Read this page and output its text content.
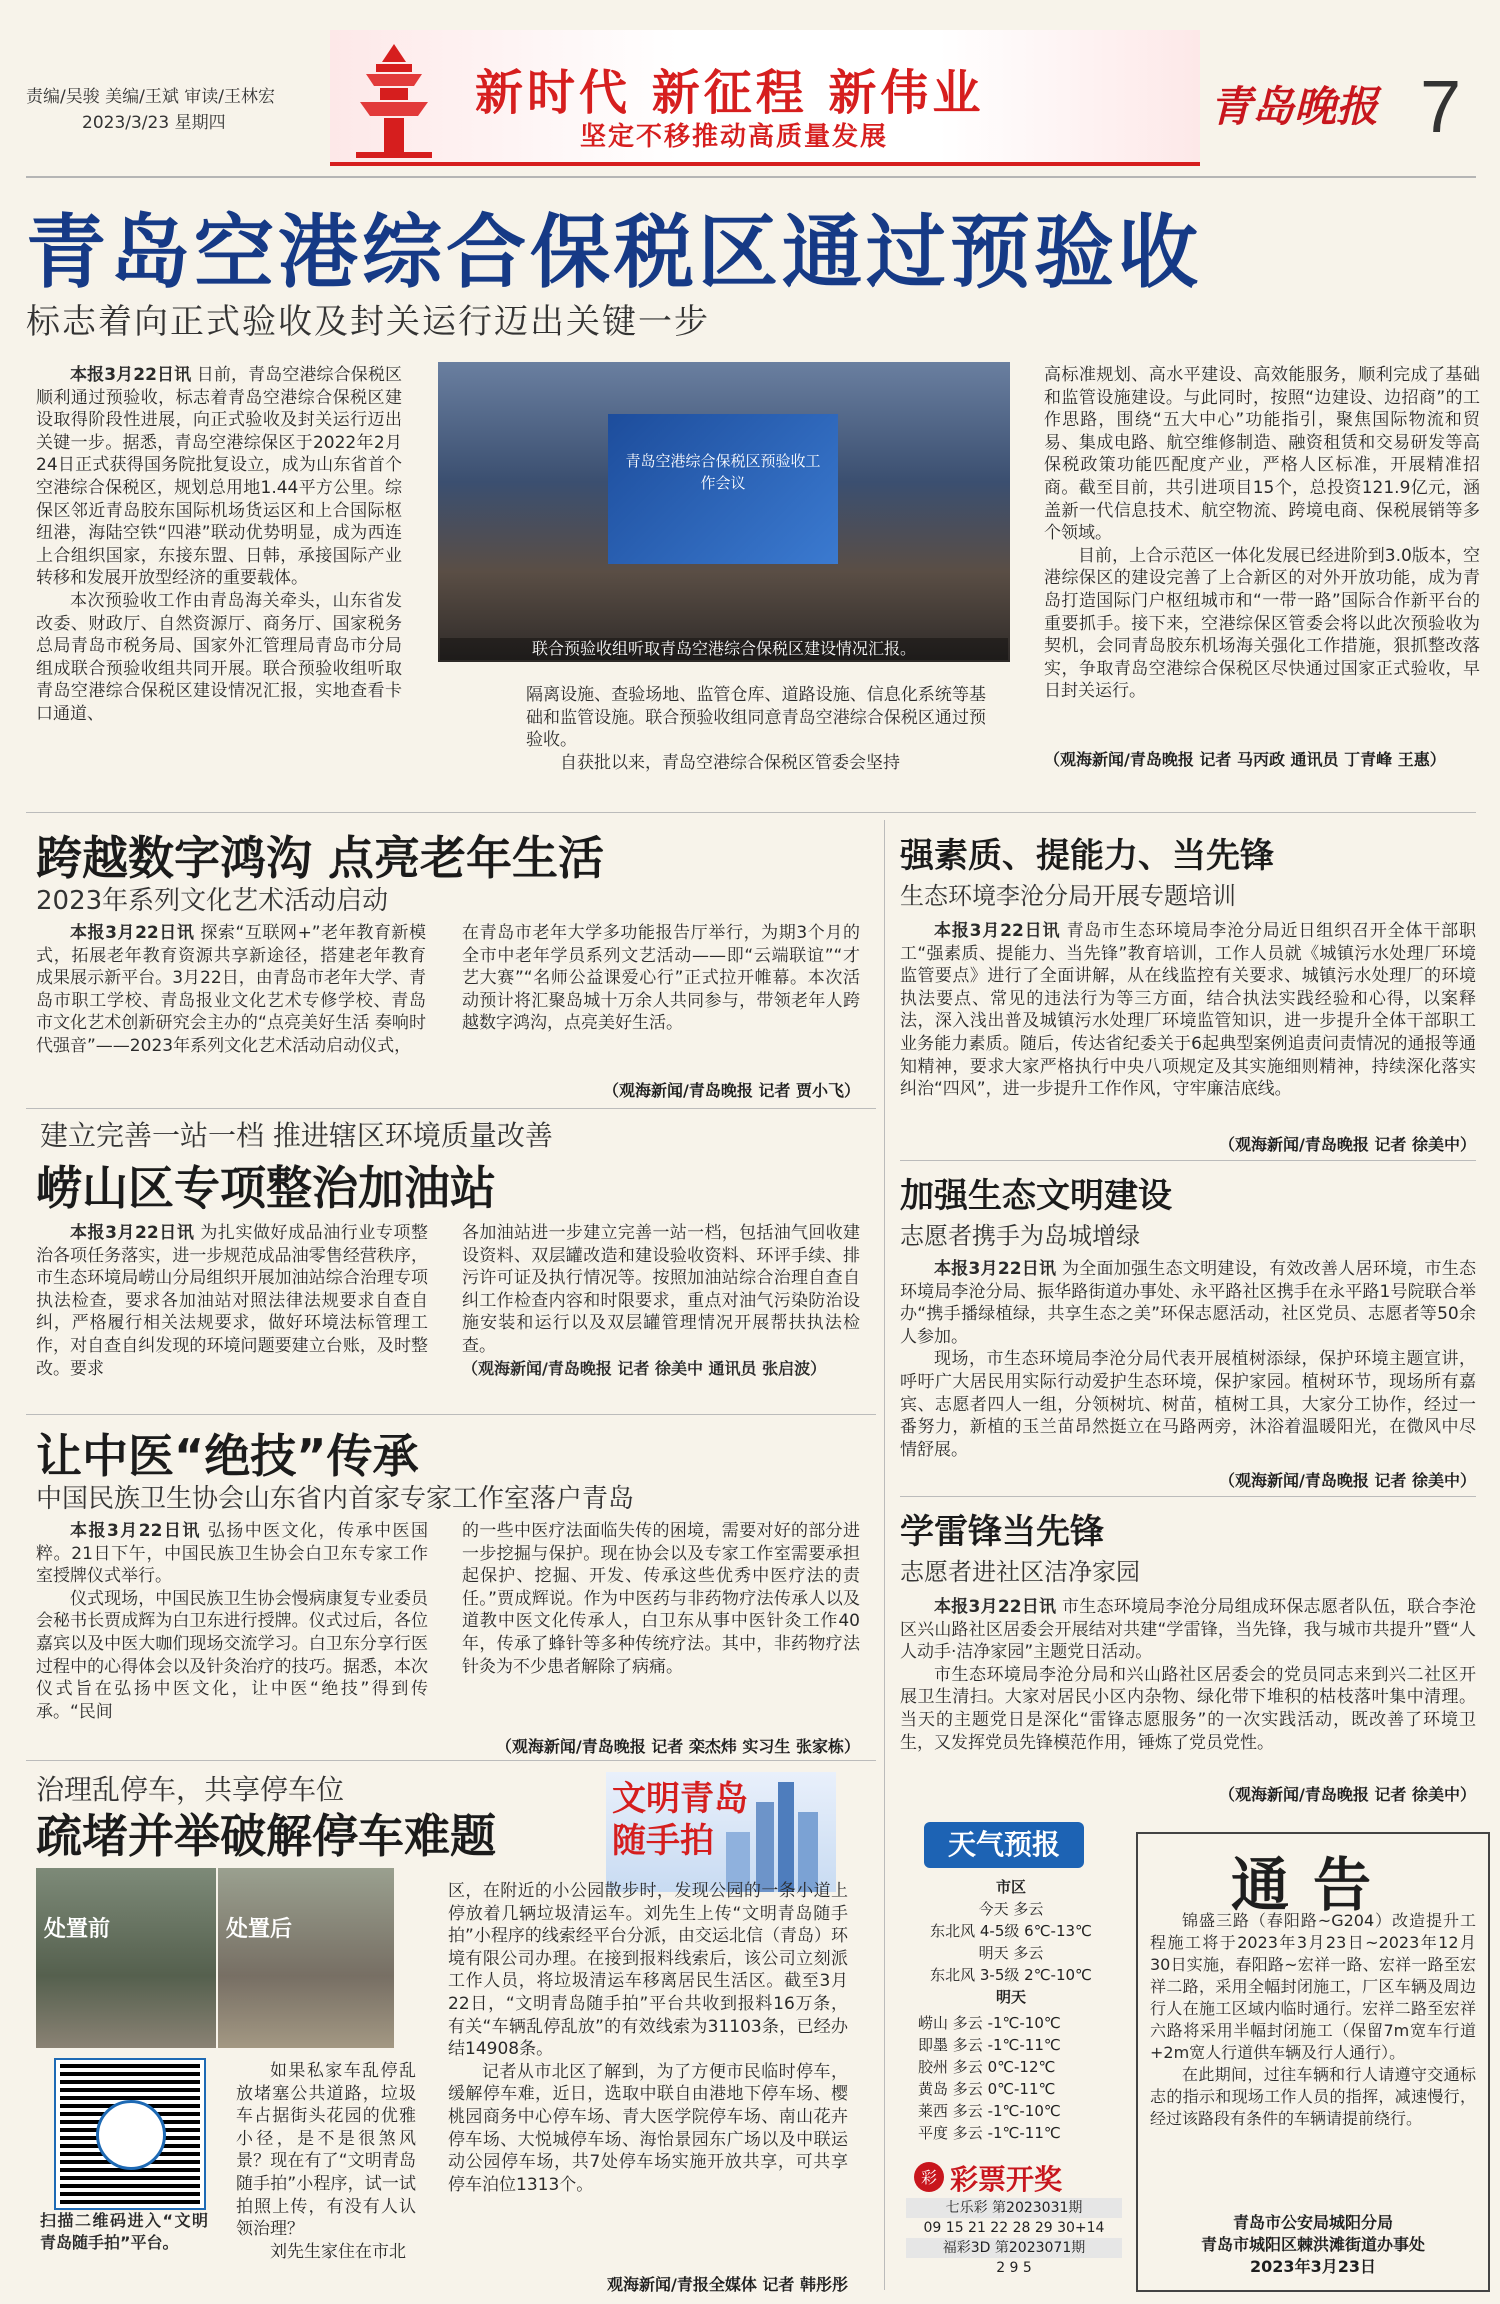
责编/吴骏 美编/王斌 审读/王林宏
2023/3/23 星期四
新时代 新征程 新伟业
坚定不移推动高质量发展
青岛晚报 7
青岛空港综合保税区通过预验收
标志着向正式验收及封关运行迈出关键一步

本报3月22日讯 日前，青岛空港综合保税区顺利通过预验收，标志着青岛空港综合保税区建设取得阶段性进展，向正式验收及封关运行迈出关键一步。据悉，青岛空港综保区于2022年2月24日正式获得国务院批复设立，成为山东省首个空港综合保税区，规划总用地1.44平方公里。综保区邻近青岛胶东国际机场货运区和上合国际枢纽港，海陆空铁“四港”联动优势明显，成为西连上合组织国家，东接东盟、日韩，承接国际产业转移和发展开放型经济的重要载体。

本次预验收工作由青岛海关牵头，山东省发改委、财政厅、自然资源厅、商务厅、国家税务总局青岛市税务局、国家外汇管理局青岛市分局组成联合预验收组共同开展。联合预验收组听取青岛空港综合保税区建设情况汇报，实地查看卡口通道、

青岛空港综合保税区预验收工作会议
联合预验收组听取青岛空港综合保税区建设情况汇报。

隔离设施、查验场地、监管仓库、道路设施、信息化系统等基础和监管设施。联合预验收组同意青岛空港综合保税区通过预验收。

自获批以来，青岛空港综合保税区管委会坚持

高标准规划、高水平建设、高效能服务，顺利完成了基础和监管设施建设。与此同时，按照“边建设、边招商”的工作思路，围绕“五大中心”功能指引，聚焦国际物流和贸易、集成电路、航空维修制造、融资租赁和交易研发等高保税政策功能匹配度产业，严格人区标准，开展精准招商。截至目前，共引进项目15个，总投资121.9亿元，涵盖新一代信息技术、航空物流、跨境电商、保税展销等多个领域。

目前，上合示范区一体化发展已经进阶到3.0版本，空港综保区的建设完善了上合新区的对外开放功能，成为青岛打造国际门户枢纽城市和“一带一路”国际合作新平台的重要抓手。接下来，空港综保区管委会将以此次预验收为契机，会同青岛胶东机场海关强化工作措施，狠抓整改落实，争取青岛空港综合保税区尽快通过国家正式验收，早日封关运行。

（观海新闻/青岛晚报 记者 马丙政 通讯员 丁青峰 王惠）
跨越数字鸿沟 点亮老年生活
2023年系列文化艺术活动启动

本报3月22日讯 探索“互联网+”老年教育新模式，拓展老年教育资源共享新途径，搭建老年教育成果展示新平台。3月22日，由青岛市老年大学、青岛市职工学校、青岛报业文化艺术专修学校、青岛市文化艺术创新研究会主办的“点亮美好生活 奏响时代强音”——2023年系列文化艺术活动启动仪式，

在青岛市老年大学多功能报告厅举行，为期3个月的全市中老年学员系列文艺活动——即“云端联谊”“才艺大赛”“名师公益课爱心行”正式拉开帷幕。本次活动预计将汇聚岛城十万余人共同参与，带领老年人跨越数字鸿沟，点亮美好生活。

（观海新闻/青岛晚报 记者 贾小飞）
建立完善一站一档 推进辖区环境质量改善
崂山区专项整治加油站

本报3月22日讯 为扎实做好成品油行业专项整治各项任务落实，进一步规范成品油零售经营秩序，市生态环境局崂山分局组织开展加油站综合治理专项执法检查，要求各加油站对照法律法规要求自查自纠，严格履行相关法规要求，做好环境法标管理工作，对自查自纠发现的环境问题要建立台账，及时整改。要求

各加油站进一步建立完善一站一档，包括油气回收建设资料、双层罐改造和建设验收资料、环评手续、排污许可证及执行情况等。按照加油站综合治理自查自纠工作检查内容和时限要求，重点对油气污染防治设施安装和运行以及双层罐管理情况开展帮扶执法检查。

（观海新闻/青岛晚报 记者 徐美中 通讯员 张启波）
让中医“绝技”传承
中国民族卫生协会山东省内首家专家工作室落户青岛

本报3月22日讯 弘扬中医文化，传承中医国粹。21日下午，中国民族卫生协会白卫东专家工作室授牌仪式举行。

仪式现场，中国民族卫生协会慢病康复专业委员会秘书长贾成辉为白卫东进行授牌。仪式过后，各位嘉宾以及中医大咖们现场交流学习。白卫东分享行医过程中的心得体会以及针灸治疗的技巧。据悉，本次仪式旨在弘扬中医文化，让中医“绝技”得到传承。“民间

的一些中医疗法面临失传的困境，需要对好的部分进一步挖掘与保护。现在协会以及专家工作室需要承担起保护、挖掘、开发、传承这些优秀中医疗法的责任。”贾成辉说。作为中医药与非药物疗法传承人以及道教中医文化传承人，白卫东从事中医针灸工作40年，传承了蜂针等多种传统疗法。其中，非药物疗法针灸为不少患者解除了病痛。

（观海新闻/青岛晚报 记者 栾杰炜 实习生 张家栋）
治理乱停车，共享停车位
疏堵并举破解停车难题
文明青岛 随手拍
处置前	处置后
扫描二维码进入“文明青岛随手拍”平台。

如果私家车乱停乱放堵塞公共道路，垃圾车占据街头花园的优雅小径，是不是很煞风景？现在有了“文明青岛随手拍”小程序，试一试拍照上传，有没有人认领治理？

刘先生家住在市北

区，在附近的小公园散步时，发现公园的一条小道上停放着几辆垃圾清运车。刘先生上传“文明青岛随手拍”小程序的线索经平台分派，由交运北信（青岛）环境有限公司办理。在接到报料线索后，该公司立刻派工作人员，将垃圾清运车移离居民生活区。截至3月22日，“文明青岛随手拍”平台共收到报料16万条，有关“车辆乱停乱放”的有效线索为31103条，已经办结14908条。

记者从市北区了解到，为了方便市民临时停车，缓解停车难，近日，选取中联自由港地下停车场、樱桃园商务中心停车场、青大医学院停车场、南山花卉停车场、大悦城停车场、海怡景园东广场以及中联运动公园停车场，共7处停车场实施开放共享，可共享停车泊位1313个。

观海新闻/青报全媒体 记者 韩彤彤
强素质、提能力、当先锋
生态环境李沧分局开展专题培训

本报3月22日讯 青岛市生态环境局李沧分局近日组织召开全体干部职工“强素质、提能力、当先锋”教育培训，工作人员就《城镇污水处理厂环境监管要点》进行了全面讲解，从在线监控有关要求、城镇污水处理厂的环境执法要点、常见的违法行为等三方面，结合执法实践经验和心得，以案释法，深入浅出普及城镇污水处理厂环境监管知识，进一步提升全体干部职工业务能力素质。随后，传达省纪委关于6起典型案例追责问责情况的通报等通知精神，要求大家严格执行中央八项规定及其实施细则精神，持续深化落实纠治“四风”，进一步提升工作作风，守牢廉洁底线。

（观海新闻/青岛晚报 记者 徐美中）
加强生态文明建设
志愿者携手为岛城增绿

本报3月22日讯 为全面加强生态文明建设，有效改善人居环境，市生态环境局李沧分局、振华路街道办事处、永平路社区携手在永平路1号院联合举办“携手播绿植绿，共享生态之美”环保志愿活动，社区党员、志愿者等50余人参加。

现场，市生态环境局李沧分局代表开展植树添绿，保护环境主题宣讲，呼吁广大居民用实际行动爱护生态环境，保护家园。植树环节，现场所有嘉宾、志愿者四人一组，分领树坑、树苗，植树工具，大家分工协作，经过一番努力，新植的玉兰苗昂然挺立在马路两旁，沐浴着温暖阳光，在微风中尽情舒展。

（观海新闻/青岛晚报 记者 徐美中）
学雷锋当先锋
志愿者进社区洁净家园

本报3月22日讯 市生态环境局李沧分局组成环保志愿者队伍，联合李沧区兴山路社区居委会开展结对共建“学雷锋，当先锋，我与城市共提升”暨“人人动手·洁净家园”主题党日活动。

市生态环境局李沧分局和兴山路社区居委会的党员同志来到兴二社区开展卫生清扫。大家对居民小区内杂物、绿化带下堆积的枯枝落叶集中清理。当天的主题党日是深化“雷锋志愿服务”的一次实践活动，既改善了环境卫生，又发挥党员先锋模范作用，锤炼了党员党性。

（观海新闻/青岛晚报 记者 徐美中）
天气预报
市区
今天 多云
东北风 4-5级 6℃-13℃
明天 多云
东北风 3-5级 2℃-10℃
明天
崂山 多云 -1℃-10℃
即墨 多云 -1℃-11℃
胶州 多云 0℃-12℃
黄岛 多云 0℃-11℃
莱西 多云 -1℃-10℃
平度 多云 -1℃-11℃
彩 彩票开奖
七乐彩 第2023031期
09 15 21 22 28 29 30+14
福彩3D 第2023071期
2 9 5
通告

锦盛三路（春阳路~G204）改造提升工程施工将于2023年3月23日~2023年12月30日实施，春阳路~宏祥一路、宏祥一路至宏祥二路，采用全幅封闭施工，厂区车辆及周边行人在施工区域内临时通行。宏祥二路至宏祥六路将采用半幅封闭施工（保留7m宽车行道+2m宽人行道供车辆及行人通行）。

在此期间，过往车辆和行人请遵守交通标志的指示和现场工作人员的指挥，减速慢行，经过该路段有条件的车辆请提前绕行。

青岛市公安局城阳分局
青岛市城阳区棘洪滩街道办事处
2023年3月23日
